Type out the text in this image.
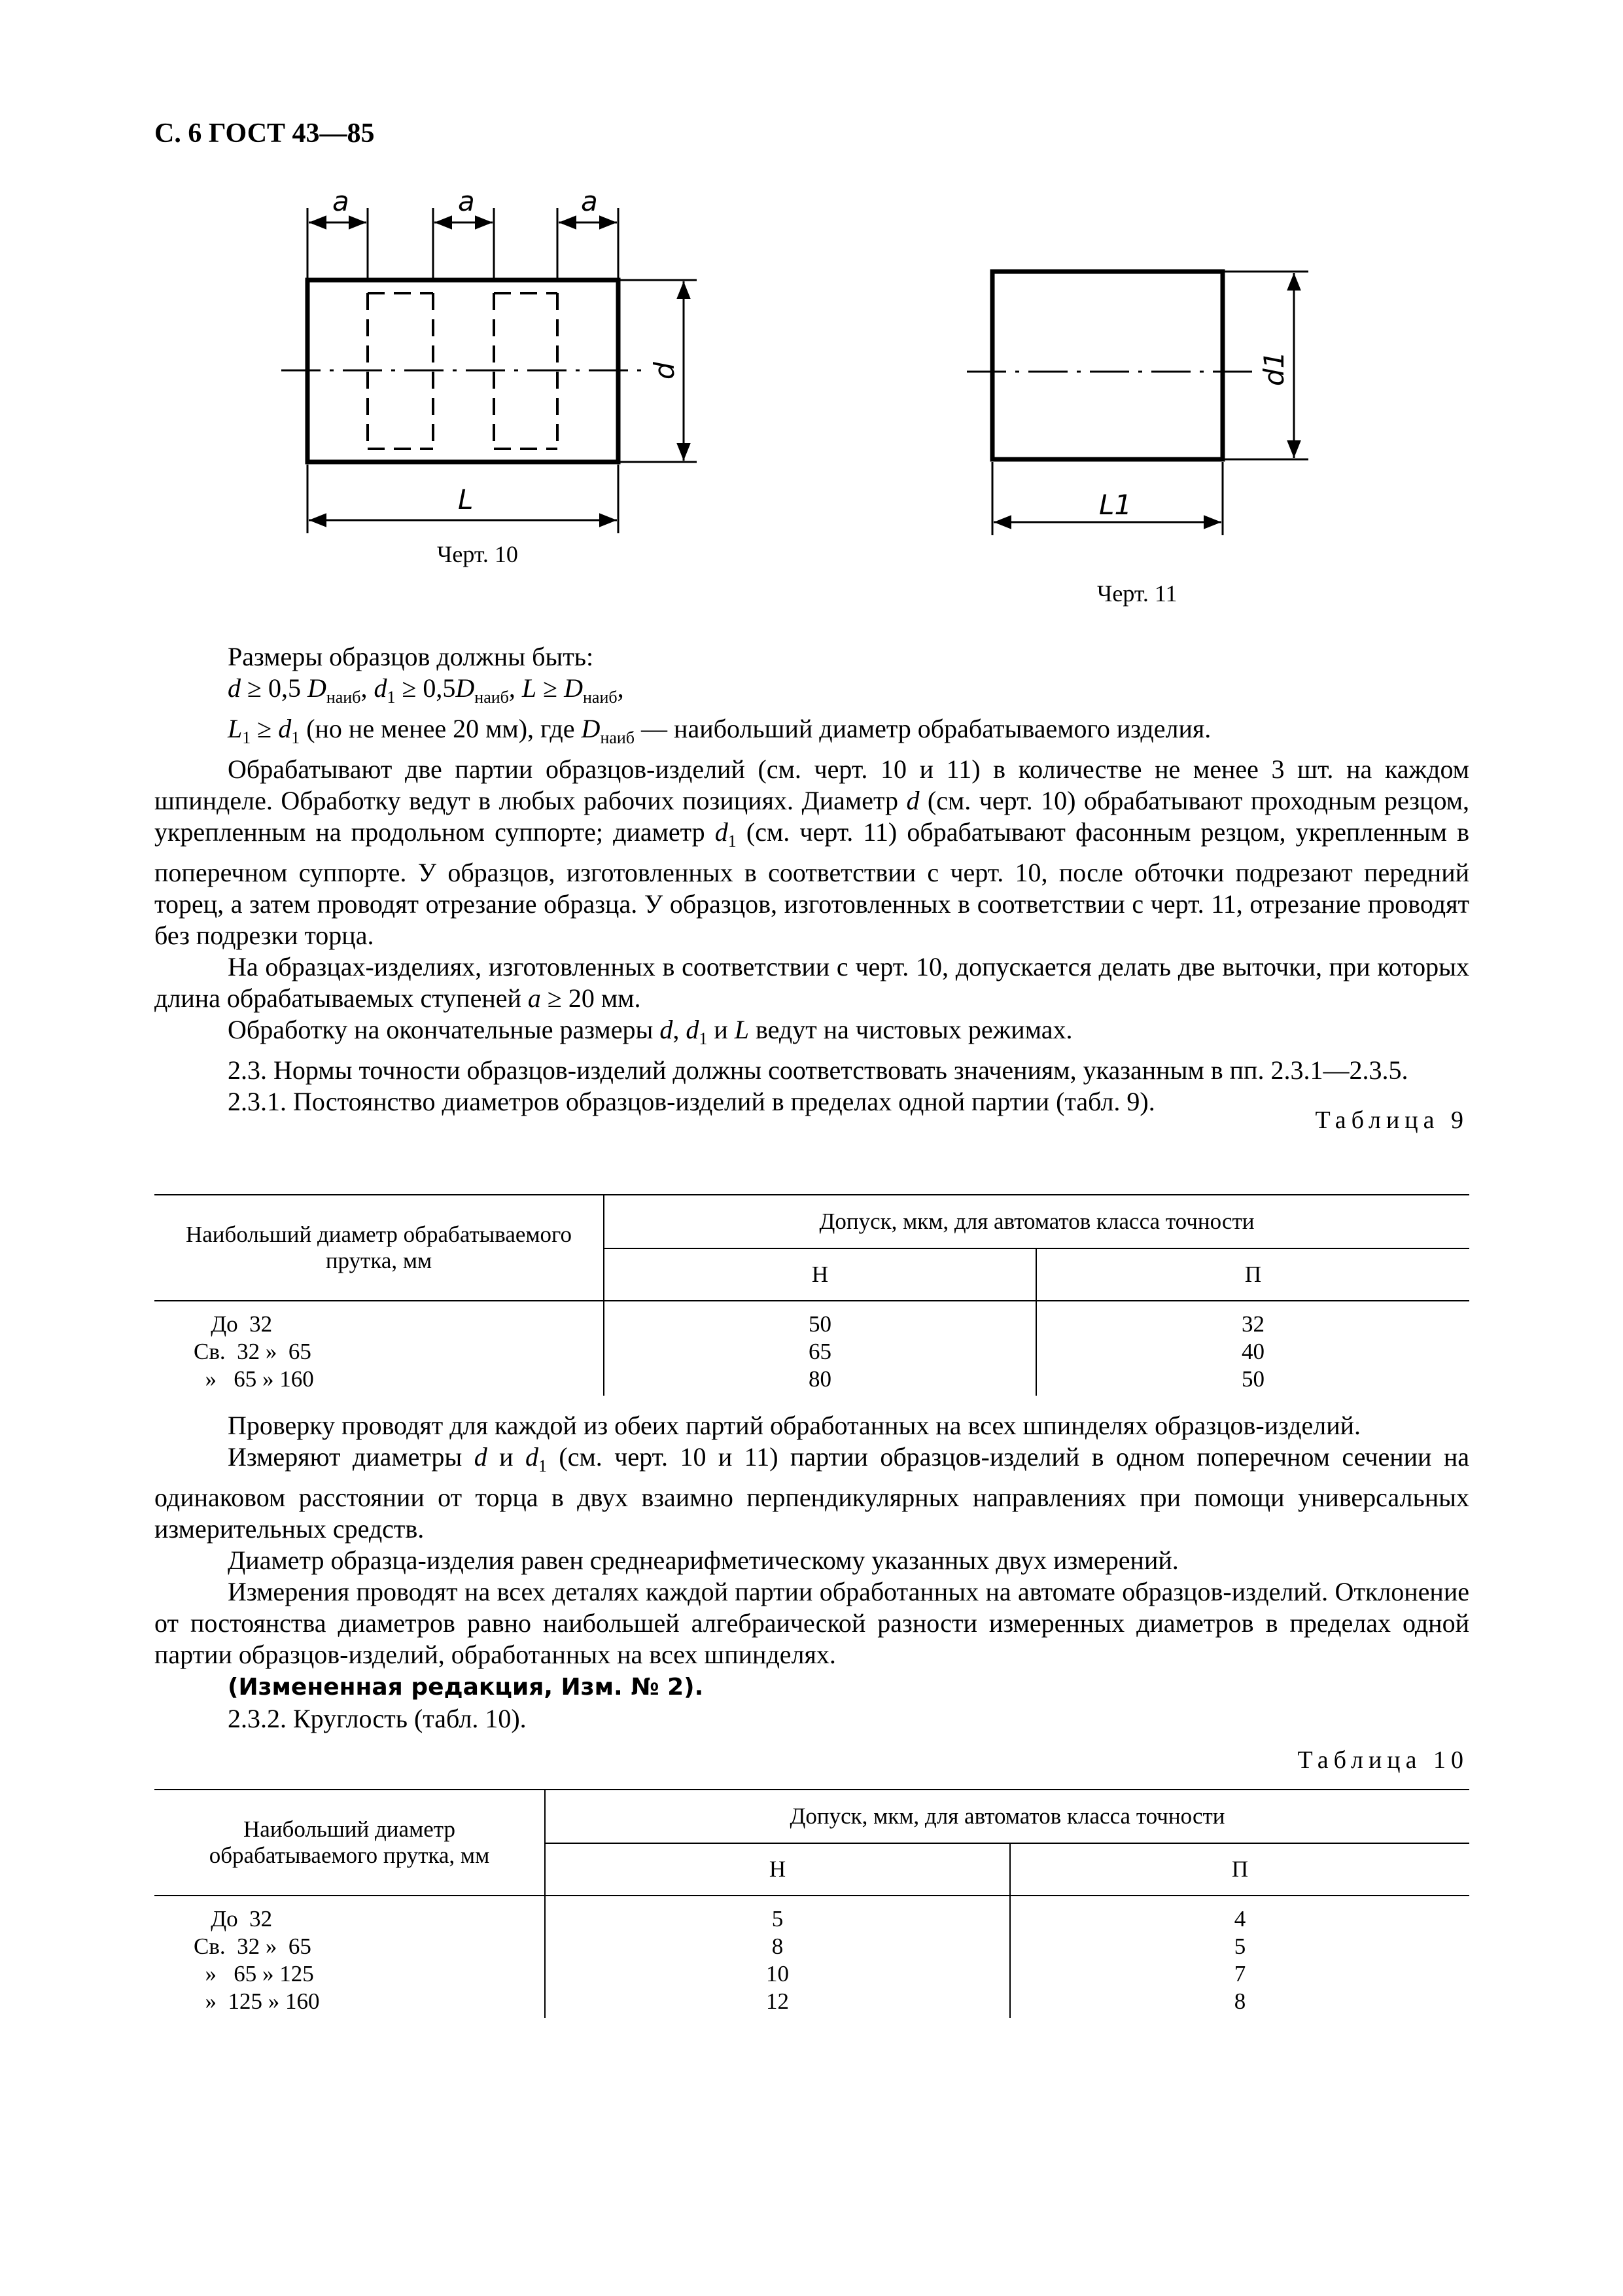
С. 6 ГОСТ 43—85
a	a	a
L
d
L1
d1
Черт. 10
Черт. 11

Размеры образцов должны быть:

d ≥ 0,5 $D_{наиб}$, $d_1 \ge 0,5D_{наиб}$, $L \ge D_{наиб}$,

$L_1 \ge d_1$ (но не менее 20 мм), где $D_{наиб}$ — наибольший диаметр обрабатываемого изделия.

Обрабатывают две партии образцов-изделий (см. черт. 10 и 11) в количестве не менее 3 шт. на каждом шпинделе. Обработку ведут в любых рабочих позициях. Диаметр d (см. черт. 10) обрабатывают проходным резцом, укрепленным на продольном суппорте; диаметр $d_1$ (см. черт. 11) обрабатывают фасонным резцом, укрепленным в поперечном суппорте. У образцов, изготовленных в соответствии с черт. 10, после обточки подрезают передний торец, а затем проводят отрезание образца. У образцов, изготовленных в соответствии с черт. 11, отрезание проводят без подрезки торца.

На образцах-изделиях, изготовленных в соответствии с черт. 10, допускается делать две выточки, при которых длина обрабатываемых ступеней a ≥ 20 мм.

Обработку на окончательные размеры d, $d_1$ и L ведут на чистовых режимах.

2.3. Нормы точности образцов-изделий должны соответствовать значениям, указанным в пп. 2.3.1—2.3.5.

2.3.1. Постоянство диаметров образцов-изделий в пределах одной партии (табл. 9).

Таблица 9
Наибольший диаметр обрабатываемого прутка, мм	Допуск, мкм, для автоматов класса точности	
	Н	П
До  32	50	32
Св.  32 »  65	65	40
»   65 » 160	80	50

Проверку проводят для каждой из обеих партий обработанных на всех шпинделях образцов-изделий.

Измеряют диаметры d и $d_1$ (см. черт. 10 и 11) партии образцов-изделий в одном поперечном сечении на одинаковом расстоянии от торца в двух взаимно перпендикулярных направлениях при помощи универсальных измерительных средств.

Диаметр образца-изделия равен среднеарифметическому указанных двух измерений.

Измерения проводят на всех деталях каждой партии обработанных на автомате образцов-изделий. Отклонение от постоянства диаметров равно наибольшей алгебраической разности измеренных диаметров в пределах одной партии образцов-изделий, обработанных на всех шпинделях.

(Измененная редакция, Изм. № 2).

2.3.2. Круглость (табл. 10).

Таблица 10
Наибольший диаметр обрабатываемого прутка, мм	Допуск, мкм, для автоматов класса точности	
	Н	П
До  32	5	4
Св.  32 »  65	8	5
»   65 » 125	10	7
»  125 » 160	12	8
